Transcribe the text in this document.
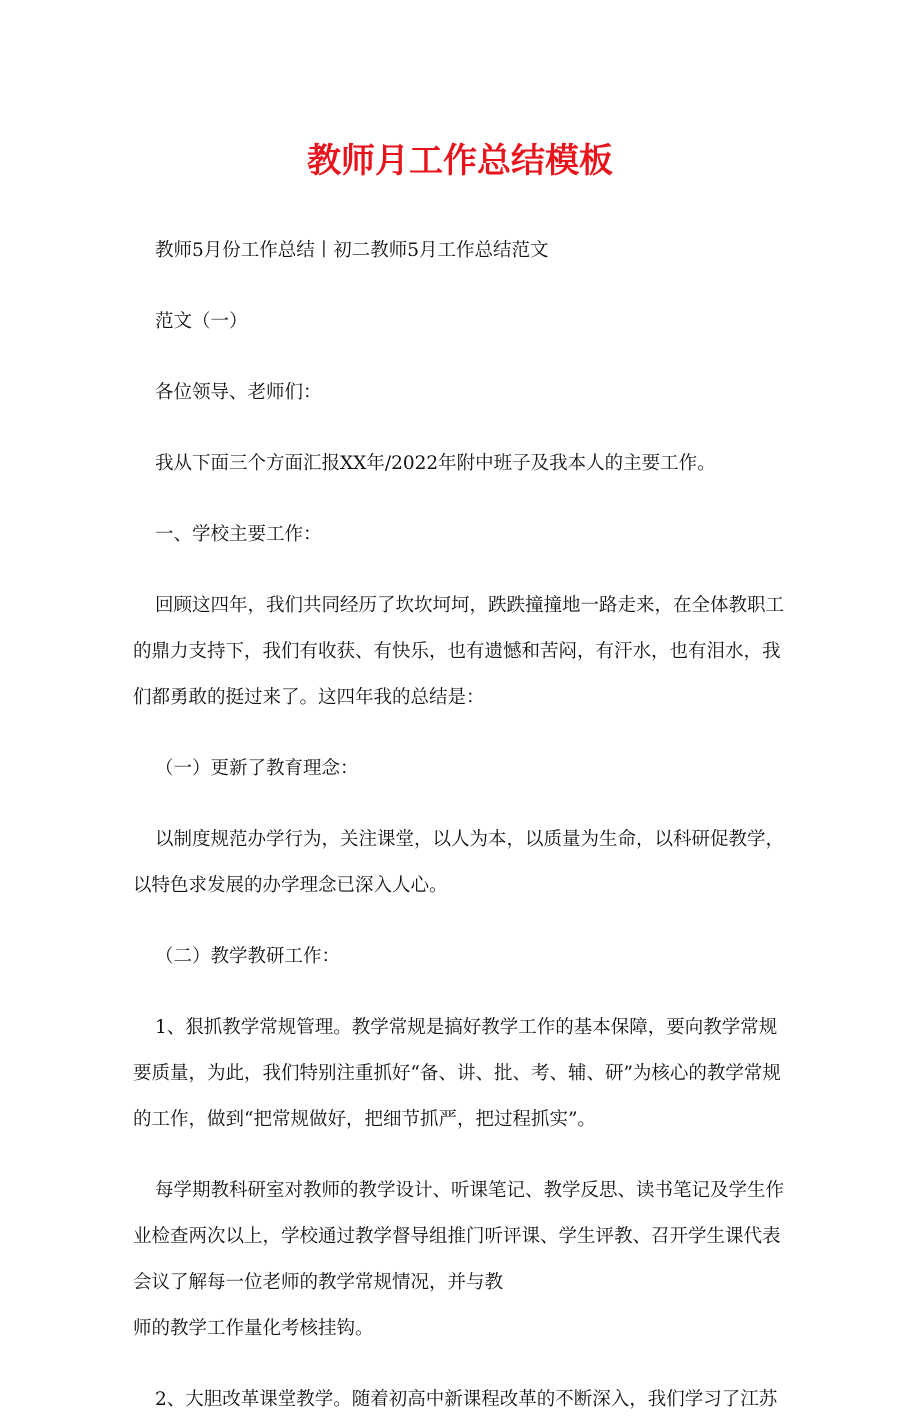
教师月工作总结模板

教师5月份工作总结丨初二教师5月工作总结范文

范文（一）

各位领导、老师们：

我从下面三个方面汇报XX年/2022年附中班子及我本人的主要工作。

一、学校主要工作：

回顾这四年，我们共同经历了坎坎坷坷，跌跌撞撞地一路走来，在全体教职工的鼎力支持下，我们有收获、有快乐，也有遗憾和苦闷，有汗水，也有泪水，我们都勇敢的挺过来了。这四年我的总结是：

（一）更新了教育理念：

以制度规范办学行为，关注课堂，以人为本，以质量为生命，以科研促教学，以特色求发展的办学理念已深入人心。

（二）教学教研工作：

1、狠抓教学常规管理。教学常规是搞好教学工作的基本保障，要向教学常规要质量，为此，我们特别注重抓好“备、讲、批、考、辅、研”为核心的教学常规的工作，做到“把常规做好，把细节抓严，把过程抓实”。

每学期教科研室对教师的教学设计、听课笔记、教学反思、读书笔记及学生作业检查两次以上，学校通过教学督导组推门听评课、学生评教、召开学生课代表会议了解每一位老师的教学常规情况，并与教

师的教学工作量化考核挂钩。

2、大胆改革课堂教学。随着初高中新课程改革的不断深入，我们学习了江苏
